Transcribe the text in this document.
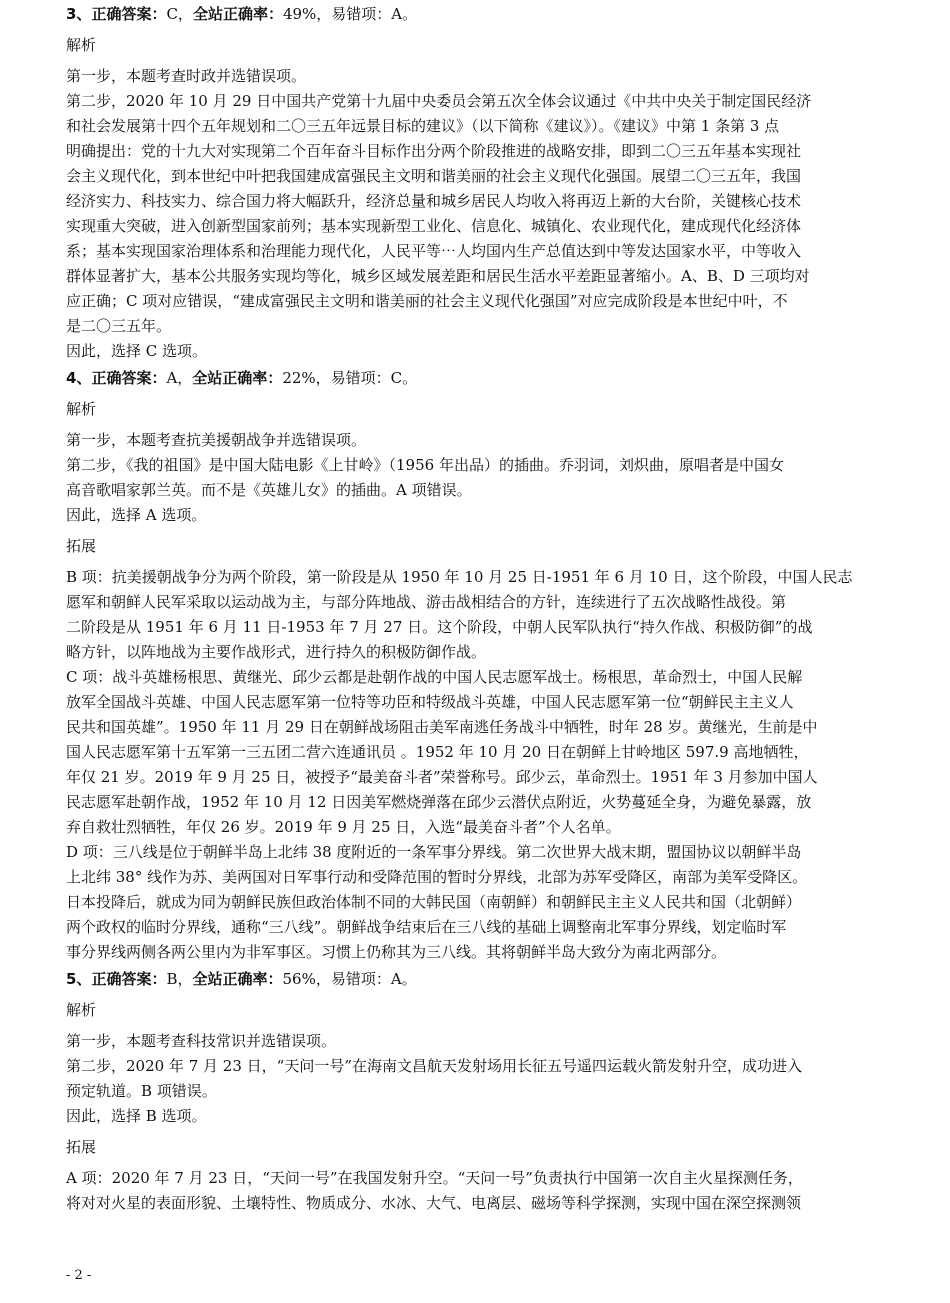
3、正确答案：C，全站正确率：49%，易错项：A。
解析
第一步，本题考查时政并选错误项。
第二步，2020 年 10 月 29 日中国共产党第十九届中央委员会第五次全体会议通过《中共中央关于制定国民经济
和社会发展第十四个五年规划和二〇三五年远景目标的建议》（以下简称《建议》）。《建议》中第 1 条第 3 点
明确提出：党的十九大对实现第二个百年奋斗目标作出分两个阶段推进的战略安排，即到二〇三五年基本实现社
会主义现代化，到本世纪中叶把我国建成富强民主文明和谐美丽的社会主义现代化强国。展望二〇三五年，我国
经济实力、科技实力、综合国力将大幅跃升，经济总量和城乡居民人均收入将再迈上新的大台阶，关键核心技术
实现重大突破，进入创新型国家前列；基本实现新型工业化、信息化、城镇化、农业现代化，建成现代化经济体
系；基本实现国家治理体系和治理能力现代化，人民平等⋯人均国内生产总值达到中等发达国家水平，中等收入
群体显著扩大，基本公共服务实现均等化，城乡区域发展差距和居民生活水平差距显著缩小。A、B、D 三项均对
应正确；C 项对应错误，“建成富强民主文明和谐美丽的社会主义现代化强国”对应完成阶段是本世纪中叶，不
是二〇三五年。
因此，选择 C 选项。
4、正确答案：A，全站正确率：22%，易错项：C。
解析
第一步，本题考查抗美援朝战争并选错误项。
第二步，《我的祖国》是中国大陆电影《上甘岭》（1956 年出品）的插曲。乔羽词，刘炽曲，原唱者是中国女
高音歌唱家郭兰英。而不是《英雄儿女》的插曲。A 项错误。
因此，选择 A 选项。
拓展
B 项：抗美援朝战争分为两个阶段，第一阶段是从 1950 年 10 月 25 日-1951 年 6 月 10 日，这个阶段，中国人民志
愿军和朝鲜人民军采取以运动战为主，与部分阵地战、游击战相结合的方针，连续进行了五次战略性战役。第
二阶段是从 1951 年 6 月 11 日-1953 年 7 月 27 日。这个阶段，中朝人民军队执行“持久作战、积极防御”的战
略方针，以阵地战为主要作战形式，进行持久的积极防御作战。
C 项：战斗英雄杨根思、黄继光、邱少云都是赴朝作战的中国人民志愿军战士。杨根思，革命烈士，中国人民解
放军全国战斗英雄、中国人民志愿军第一位特等功臣和特级战斗英雄，中国人民志愿军第一位“朝鲜民主主义人
民共和国英雄”。1950 年 11 月 29 日在朝鲜战场阻击美军南逃任务战斗中牺牲，时年 28 岁。黄继光，生前是中
国人民志愿军第十五军第一三五团二营六连通讯员 。1952 年 10 月 20 日在朝鲜上甘岭地区 597.9 高地牺牲，
年仅 21 岁。2019 年 9 月 25 日，被授予“最美奋斗者”荣誉称号。邱少云，革命烈士。1951 年 3 月参加中国人
民志愿军赴朝作战，1952 年 10 月 12 日因美军燃烧弹落在邱少云潜伏点附近，火势蔓延全身，为避免暴露，放
弃自救壮烈牺牲，年仅 26 岁。2019 年 9 月 25 日，入选“最美奋斗者”个人名单。
D 项：三八线是位于朝鲜半岛上北纬 38 度附近的一条军事分界线。第二次世界大战末期，盟国协议以朝鲜半岛
上北纬 38° 线作为苏、美两国对日军事行动和受降范围的暂时分界线，北部为苏军受降区，南部为美军受降区。
日本投降后，就成为同为朝鲜民族但政治体制不同的大韩民国（南朝鲜）和朝鲜民主主义人民共和国（北朝鲜）
两个政权的临时分界线，通称“三八线”。朝鲜战争结束后在三八线的基础上调整南北军事分界线，划定临时军
事分界线两侧各两公里内为非军事区。习惯上仍称其为三八线。其将朝鲜半岛大致分为南北两部分。
5、正确答案：B，全站正确率：56%，易错项：A。
解析
第一步，本题考查科技常识并选错误项。
第二步，2020 年 7 月 23 日，“天问一号”在海南文昌航天发射场用长征五号遥四运载火箭发射升空，成功进入
预定轨道。B 项错误。
因此，选择 B 选项。
拓展
A 项：2020 年 7 月 23 日，“天问一号”在我国发射升空。“天问一号”负责执行中国第一次自主火星探测任务，
将对对火星的表面形貌、土壤特性、物质成分、水冰、大气、电离层、磁场等科学探测，实现中国在深空探测领
- 2 -
